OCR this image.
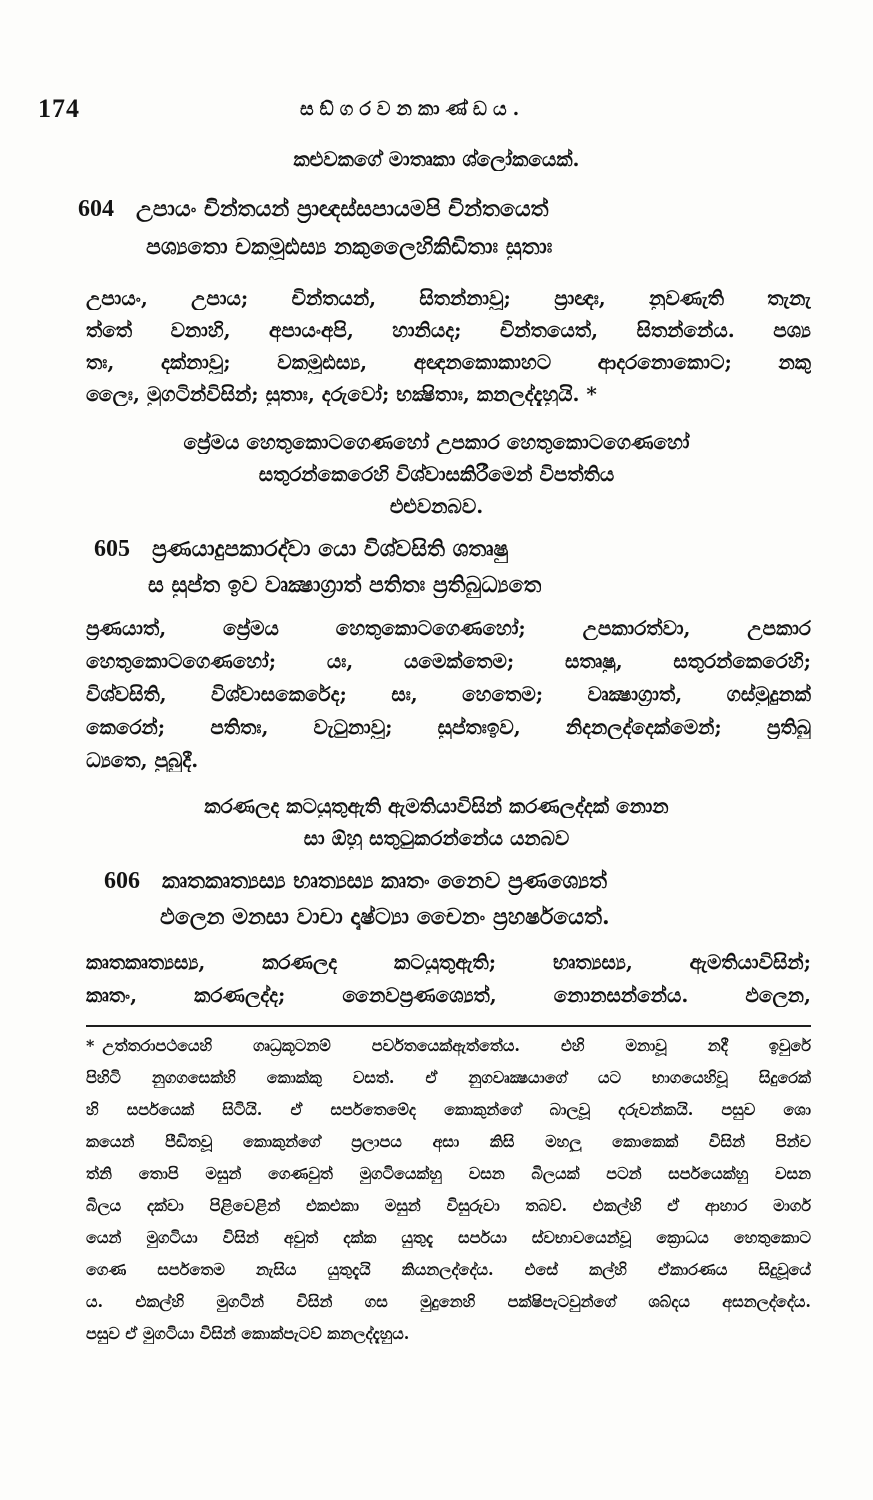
174	සඞ්ගරවනකාණ්ඩය.
කළුවකගේ මාතෘකා ශ්ලෝකයෙක්.
604 උපායං චින්තයන් ප්‍රාඥස්සපායමපි චින්තයෙත්
පශ්‍යතො චකමූඪස්‍ය නකුලෛහිකිඩිතාඃ සුතාඃ
උපායං, උපාය; චින්තයන්, සිතන්නාවූ; ප්‍රාඥඃ, නුවණැති තැනැ
ත්තේ වනාහි, අපායංඅපි, හානියද; චින්තයෙත්, සිතන්නේය. පශ්‍ය
තඃ, දක්නාවූ; වකමූඪස්‍ය, අඥනකොකාහට ආදරනොකොට; නකු
ලෛඃ, මුගටින්විසින්; සුතාඃ, දරුවෝ; භක්‍ෂිතාඃ, කනලද්දැහුයි. *
ප්‍රේමය හෙතුකොටගෙණහෝ උපකාර හෙතුකොටගෙණහෝ
සතුරන්කෙරෙහි විශ්වාසකිරීමෙන් විපත්තිය
එළුවනබව.
605 ප්‍රණයාදුපකාරද්වා යො විශ්වසිති ශත්‍රුෂු
ස සුප්ත ඉව වෘක්‍ෂාග්‍රාත් පතිතඃ ප්‍රතිබුධ්‍යතෙ
ප්‍රණයාත්, ප්‍රේමය හෙතුකොටගෙණහෝ; උපකාරත්වා, උපකාර
හෙතුකොටගෙණහෝ; යඃ, යමෙක්තෙම; සත්‍රුෂු, සතුරන්කෙරෙහි;
විශ්වසිති, විශ්වාසකෙරේද; සඃ, හෙතෙම; වෘක්‍ෂාග්‍රාත්, ගස්මුදුනක්
කෙරෙන්; පතිතඃ, වැටුනාවූ; සුප්තඃඉව, නිදනලද්දෙක්මෙන්; ප්‍රතිබු
ධ්‍යතෙ, පුබුදී.
කරණලද කටයුතුඇති ඇමතියාවිසින් කරණලද්දක් නොන
සා ඕහු සතුටුකරන්නේය යනබව
606 කෘතකෘත්‍යස්‍ය භෘත්‍යස්‍ය කෘතං නෛව ප්‍රණශ්‍යෙත්
ඵලෙන මනසා වාචා දෘෂ්ට්‍යා චෛනං ප්‍රහර්ෂයෙත්.
කෘතකෘත්‍යස්‍ය, කරණලද කටයුතුඇති; භෘත්‍යස්‍ය, ඇමතියාවිසින්;
කෘතං, කරණලද්ද; නෛවප්‍රණශ්‍යෙත්, නොනසන්නේය. ඵලෙන,
* උත්තරාපථයෙහි ගෘධ්‍රකූටනම් පර්වතයෙක්ඇත්තේය. එහි මනාවූ නදී ඉවුරේ
පිහිටි නුගගසෙක්හි කොක්කු වසත්. ඒ නුගවෘක්‍ෂයාගේ යට භාගයෙහිවූ සිදුරෙක්
හි සර්පයෙක් සිටියි. ඒ සර්පතෙමේද කොකුන්ගේ බාලවූ දරුවන්කයි. පසුව ශො
කයෙන් පීඩිතවූ කොකුන්ගේ ප්‍රලාපය අසා කිසි මහලු කොකෙක් විසින් පින්ව
ත්නි තොපි මසුන් ගෙණවුත් මුගටියෙක්හු වසන බිලයක් පටන් සර්පයෙක්හු වසන
බිලය දක්වා පිළිවෙළින් එකඑකා මසුන් විසුරුවා තබව්. එකල්හි ඒ ආහාර මාර්ග
යෙන් මුගටියා විසින් අවුත් දක්ක යුතුදැ සර්පයා ස්වභාවයෙන්වූ ක්‍රොධය හෙතුකොට
ගෙණ සර්පතෙම නැසිය යුතුදැයි කියනලද්දේය. එසේ කල්හි ඒකාරණය සිදුවූයේ
ය. එකල්හි මුගටින් විසින් ගස මුදුනෙහි පක්ෂිපැටවුන්ගේ ශබ්දය අසනලද්දේය.
පසුව ඒ මුගටියා විසින් කොක්පැටව් කනලද්දැහුය.
